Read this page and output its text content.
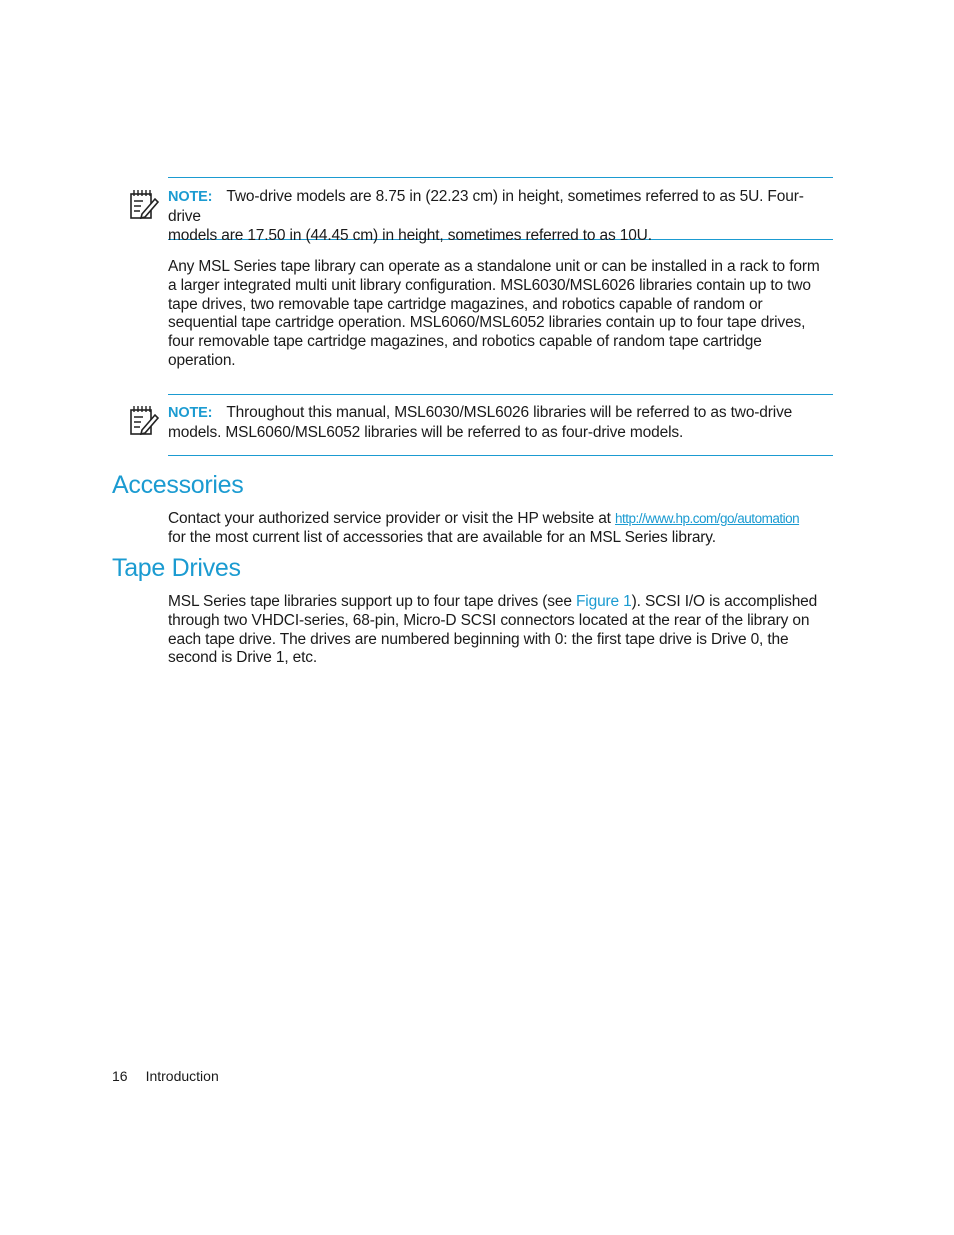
NOTE: Two-drive models are 8.75 in (22.23 cm) in height, sometimes referred to as 5U. Four-drive
models are 17.50 in (44.45 cm) in height, sometimes referred to as 10U.
Any MSL Series tape library can operate as a standalone unit or can be installed in a rack to form
a larger integrated multi unit library configuration. MSL6030/MSL6026 libraries contain up to two
tape drives, two removable tape cartridge magazines, and robotics capable of random or
sequential tape cartridge operation. MSL6060/MSL6052 libraries contain up to four tape drives,
four removable tape cartridge magazines, and robotics capable of random tape cartridge
operation.
NOTE: Throughout this manual, MSL6030/MSL6026 libraries will be referred to as two-drive
models. MSL6060/MSL6052 libraries will be referred to as four-drive models.
Accessories
Contact your authorized service provider or visit the HP website at http://www.hp.com/go/automation
for the most current list of accessories that are available for an MSL Series library.
Tape Drives
MSL Series tape libraries support up to four tape drives (see Figure 1). SCSI I/O is accomplished
through two VHDCI-series, 68-pin, Micro-D SCSI connectors located at the rear of the library on
each tape drive. The drives are numbered beginning with 0: the first tape drive is Drive 0, the
second is Drive 1, etc.
16 Introduction
